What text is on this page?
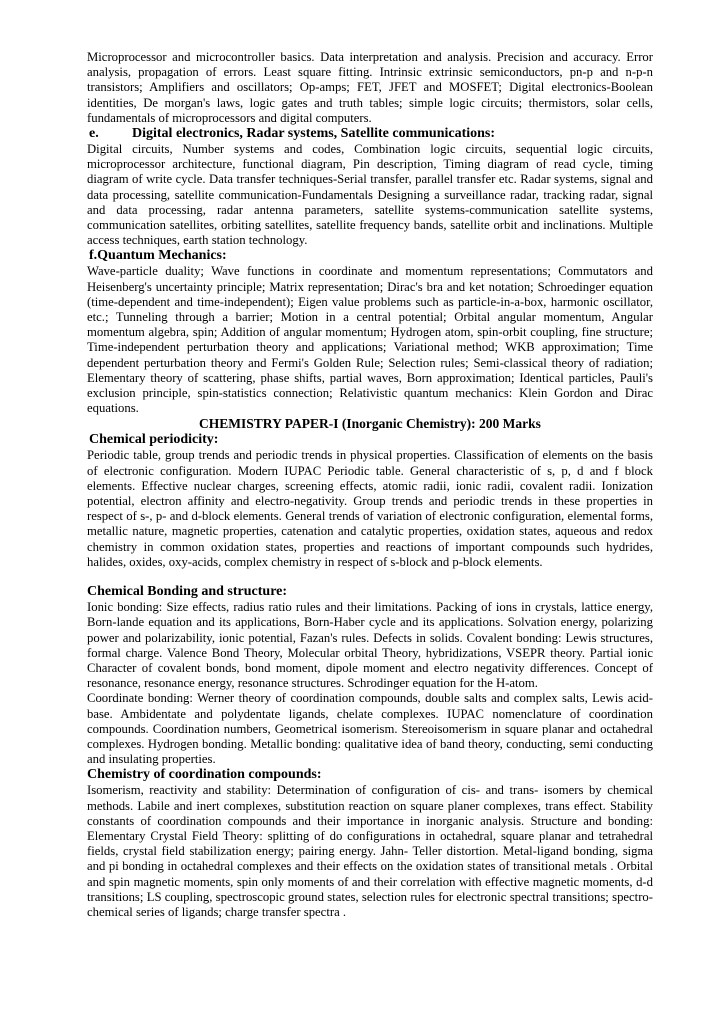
Microprocessor and microcontroller basics. Data interpretation and analysis. Precision and accuracy. Error analysis, propagation of errors. Least square fitting. Intrinsic extrinsic semiconductors, pn-p and n-p-n transistors; Amplifiers and oscillators; Op-amps; FET, JFET and MOSFET; Digital electronics-Boolean identities, De morgan's laws, logic gates and truth tables; simple logic circuits; thermistors, solar cells, fundamentals of microprocessors and digital computers.

e.	Digital electronics, Radar systems, Satellite communications:

Digital circuits, Number systems and codes, Combination logic circuits, sequential logic circuits, microprocessor architecture, functional diagram, Pin description, Timing diagram of read cycle, timing diagram of write cycle. Data transfer techniques-Serial transfer, parallel transfer etc. Radar systems, signal and data processing, satellite communication-Fundamentals Designing a surveillance radar, tracking radar, signal and data processing, radar antenna parameters, satellite systems-communication satellite systems, communication satellites, orbiting satellites, satellite frequency bands, satellite orbit and inclinations. Multiple access techniques, earth station technology.

f.Quantum Mechanics:

Wave-particle duality; Wave functions in coordinate and momentum representations; Commutators and Heisenberg's uncertainty principle; Matrix representation; Dirac's bra and ket notation; Schroedinger equation (time-dependent and time-independent); Eigen value problems such as particle-in-a-box, harmonic oscillator, etc.; Tunneling through a barrier; Motion in a central potential; Orbital angular momentum, Angular momentum algebra, spin; Addition of angular momentum; Hydrogen atom, spin-orbit coupling, fine structure; Time-independent perturbation theory and applications; Variational method; WKB approximation; Time dependent perturbation theory and Fermi's Golden Rule; Selection rules; Semi-classical theory of radiation; Elementary theory of scattering, phase shifts, partial waves, Born approximation; Identical particles, Pauli's exclusion principle, spin-statistics connection; Relativistic quantum mechanics: Klein Gordon and Dirac equations.

CHEMISTRY PAPER-I (Inorganic Chemistry): 200 Marks

Chemical periodicity:

Periodic table, group trends and periodic trends in physical properties. Classification of elements on the basis of electronic configuration. Modern IUPAC Periodic table. General characteristic of s, p, d and f block elements. Effective nuclear charges, screening effects, atomic radii, ionic radii, covalent radii. Ionization potential, electron affinity and electro-negativity. Group trends and periodic trends in these properties in respect of s-, p- and d-block elements. General trends of variation of electronic configuration, elemental forms, metallic nature, magnetic properties, catenation and catalytic properties, oxidation states, aqueous and redox chemistry in common oxidation states, properties and reactions of important compounds such hydrides, halides, oxides, oxy-acids, complex chemistry in respect of s-block and p-block elements.

Chemical Bonding and structure:

Ionic bonding: Size effects, radius ratio rules and their limitations. Packing of ions in crystals, lattice energy, Born-lande equation and its applications, Born-Haber cycle and its applications. Solvation energy, polarizing power and polarizability, ionic potential, Fazan's rules. Defects in solids. Covalent bonding: Lewis structures, formal charge. Valence Bond Theory, Molecular orbital Theory, hybridizations, VSEPR theory. Partial ionic Character of covalent bonds, bond moment, dipole moment and electro negativity differences. Concept of resonance, resonance energy, resonance structures. Schrodinger equation for the H-atom.

Coordinate bonding: Werner theory of coordination compounds, double salts and complex salts, Lewis acid-base. Ambidentate and polydentate ligands, chelate complexes. IUPAC nomenclature of coordination compounds. Coordination numbers, Geometrical isomerism. Stereoisomerism in square planar and octahedral complexes. Hydrogen bonding. Metallic bonding: qualitative idea of band theory, conducting, semi conducting and insulating properties.

Chemistry of coordination compounds:

Isomerism, reactivity and stability: Determination of configuration of cis- and trans- isomers by chemical methods. Labile and inert complexes, substitution reaction on square planer complexes, trans effect. Stability constants of coordination compounds and their importance in inorganic analysis. Structure and bonding: Elementary Crystal Field Theory: splitting of do configurations in octahedral, square planar and tetrahedral fields, crystal field stabilization energy; pairing energy. Jahn- Teller distortion. Metal-ligand bonding, sigma and pi bonding in octahedral complexes and their effects on the oxidation states of transitional metals . Orbital and spin magnetic moments, spin only moments of and their correlation with effective magnetic moments, d-d transitions; LS coupling, spectroscopic ground states, selection rules for electronic spectral transitions; spectro-chemical series of ligands; charge transfer spectra .
